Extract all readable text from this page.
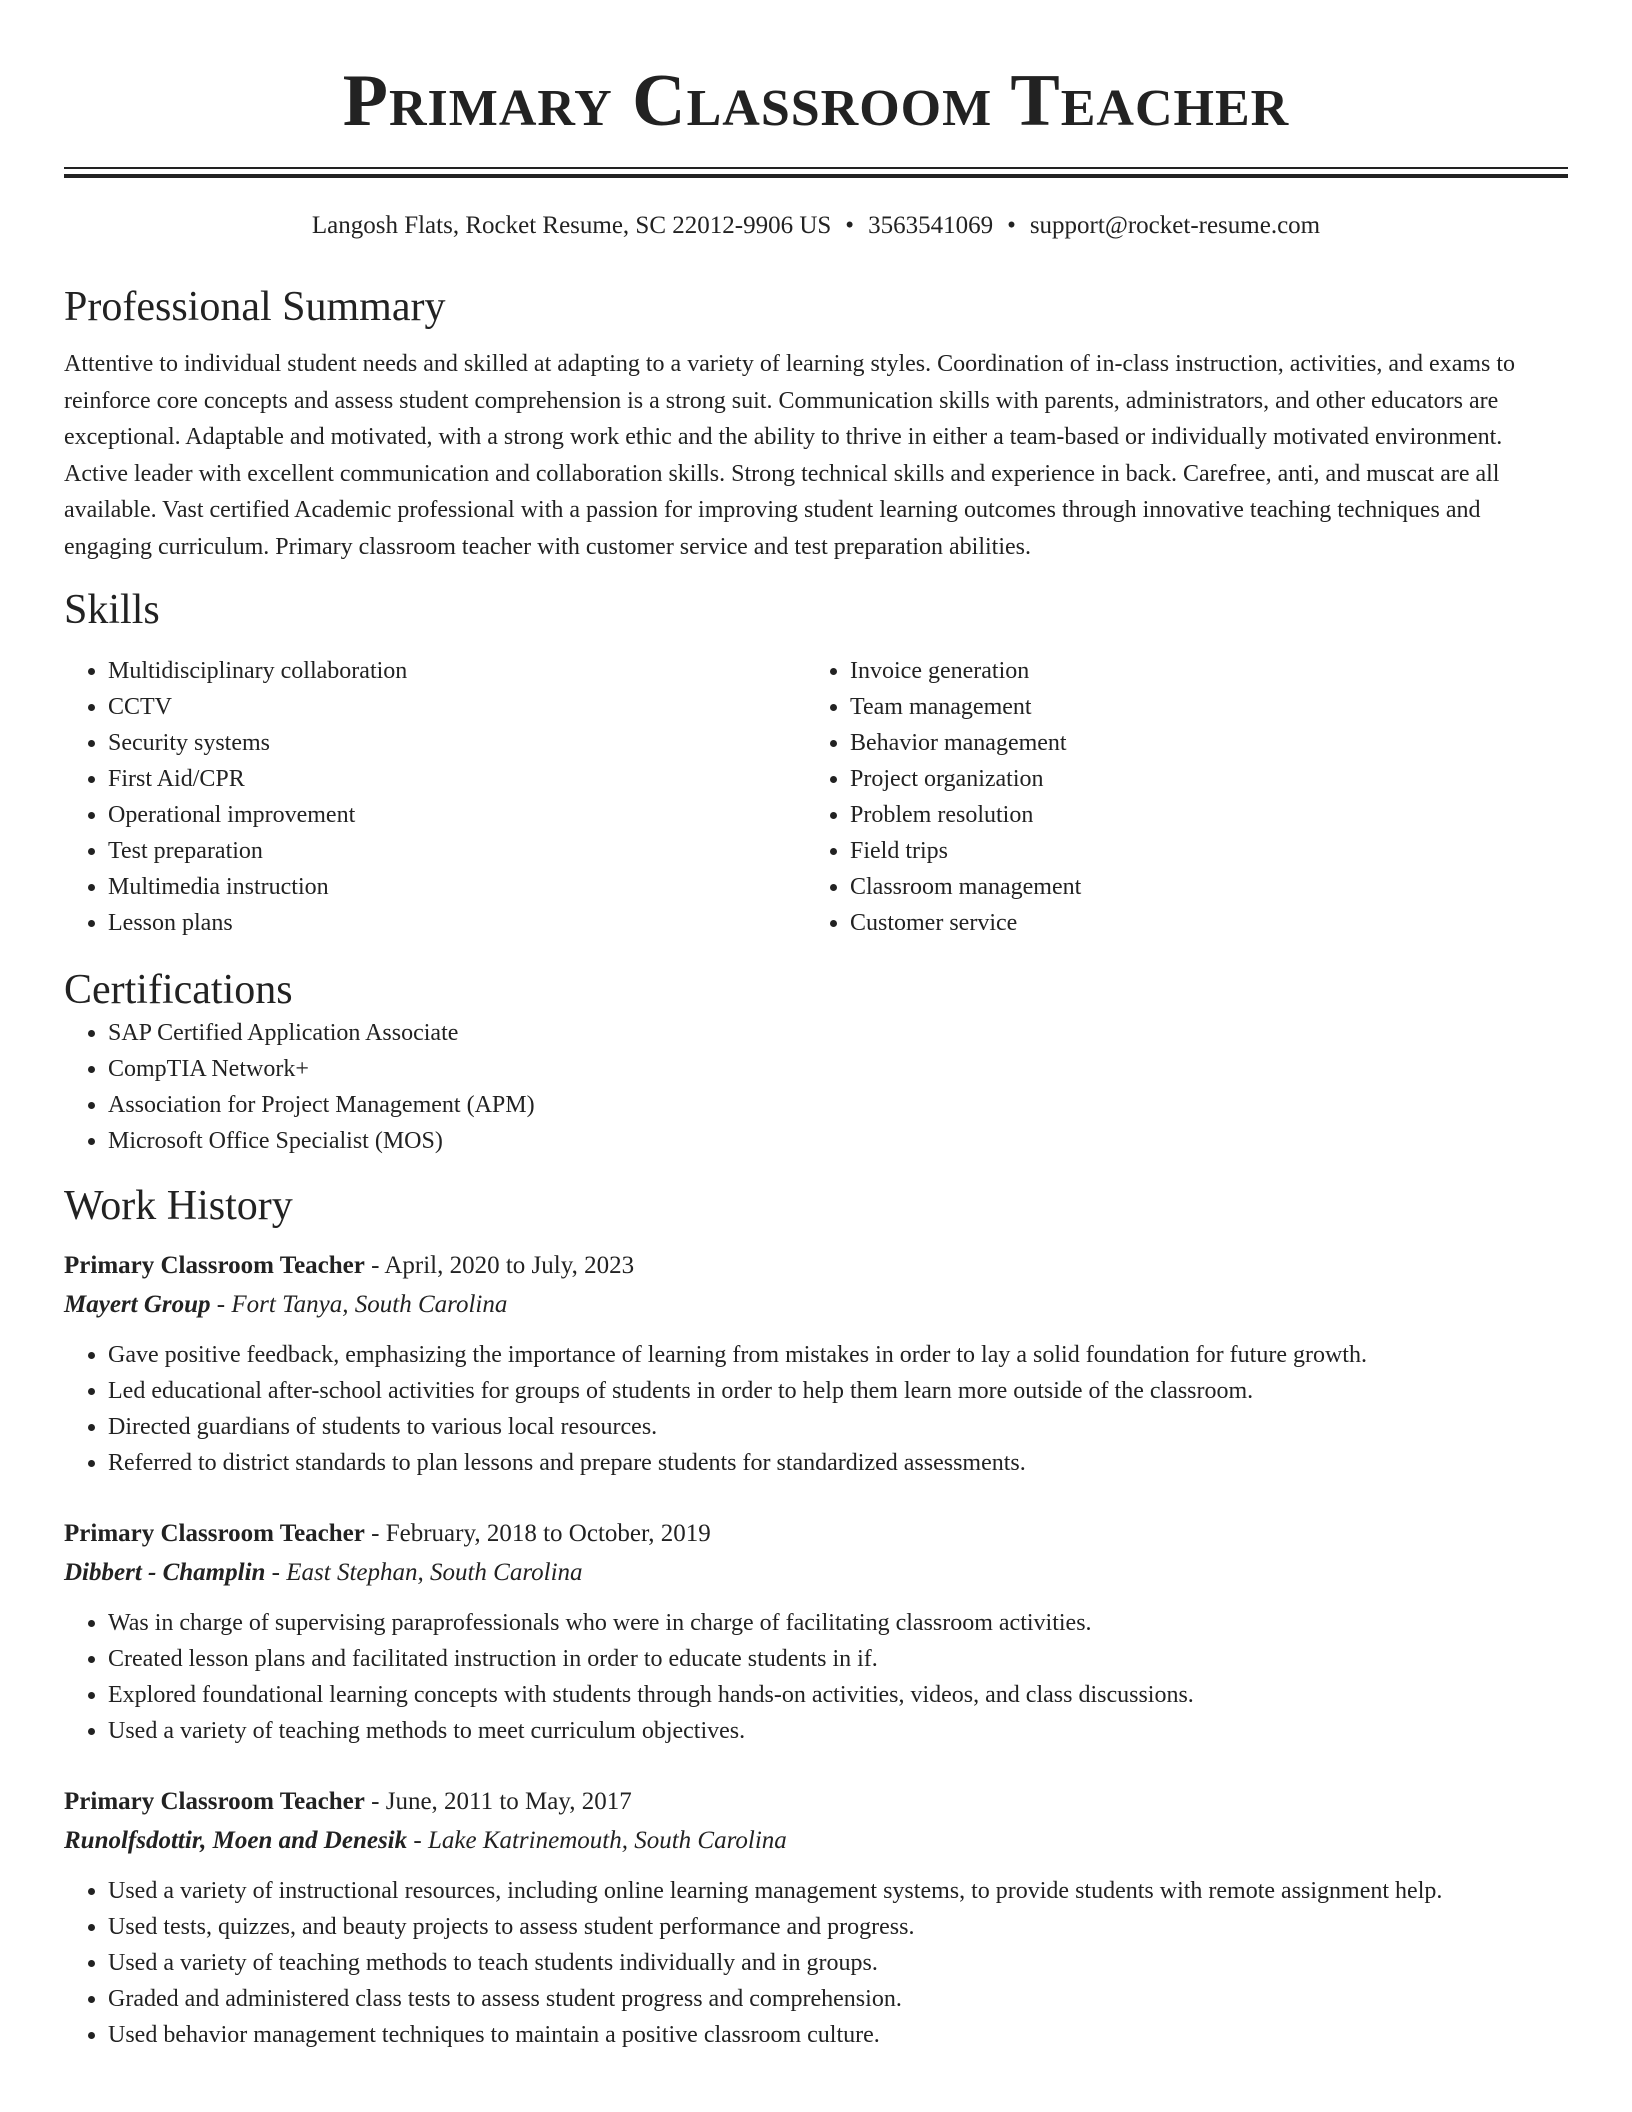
Primary Classroom Teacher
Langosh Flats, Rocket Resume, SC 22012-9906 US • 3563541069 • support@rocket-resume.com
Professional Summary

Attentive to individual student needs and skilled at adapting to a variety of learning styles. Coordination of in-class instruction, activities, and exams to reinforce core concepts and assess student comprehension is a strong suit. Communication skills with parents, administrators, and other educators are exceptional. Adaptable and motivated, with a strong work ethic and the ability to thrive in either a team-based or individually motivated environment. Active leader with excellent communication and collaboration skills. Strong technical skills and experience in back. Carefree, anti, and muscat are all available. Vast certified Academic professional with a passion for improving student learning outcomes through innovative teaching techniques and engaging curriculum. Primary classroom teacher with customer service and test preparation abilities.

Skills
• Multidisciplinary collaboration
• CCTV
• Security systems
• First Aid/CPR
• Operational improvement
• Test preparation
• Multimedia instruction
• Lesson plans
• Invoice generation
• Team management
• Behavior management
• Project organization
• Problem resolution
• Field trips
• Classroom management
• Customer service
Certifications
• SAP Certified Application Associate
• CompTIA Network+
• Association for Project Management (APM)
• Microsoft Office Specialist (MOS)
Work History
Primary Classroom Teacher - April, 2020 to July, 2023
Mayert Group - Fort Tanya, South Carolina
• Gave positive feedback, emphasizing the importance of learning from mistakes in order to lay a solid foundation for future growth.
• Led educational after-school activities for groups of students in order to help them learn more outside of the classroom.
• Directed guardians of students to various local resources.
• Referred to district standards to plan lessons and prepare students for standardized assessments.
Primary Classroom Teacher - February, 2018 to October, 2019
Dibbert - Champlin - East Stephan, South Carolina
• Was in charge of supervising paraprofessionals who were in charge of facilitating classroom activities.
• Created lesson plans and facilitated instruction in order to educate students in if.
• Explored foundational learning concepts with students through hands-on activities, videos, and class discussions.
• Used a variety of teaching methods to meet curriculum objectives.
Primary Classroom Teacher - June, 2011 to May, 2017
Runolfsdottir, Moen and Denesik - Lake Katrinemouth, South Carolina
• Used a variety of instructional resources, including online learning management systems, to provide students with remote assignment help.
• Used tests, quizzes, and beauty projects to assess student performance and progress.
• Used a variety of teaching methods to teach students individually and in groups.
• Graded and administered class tests to assess student progress and comprehension.
• Used behavior management techniques to maintain a positive classroom culture.
